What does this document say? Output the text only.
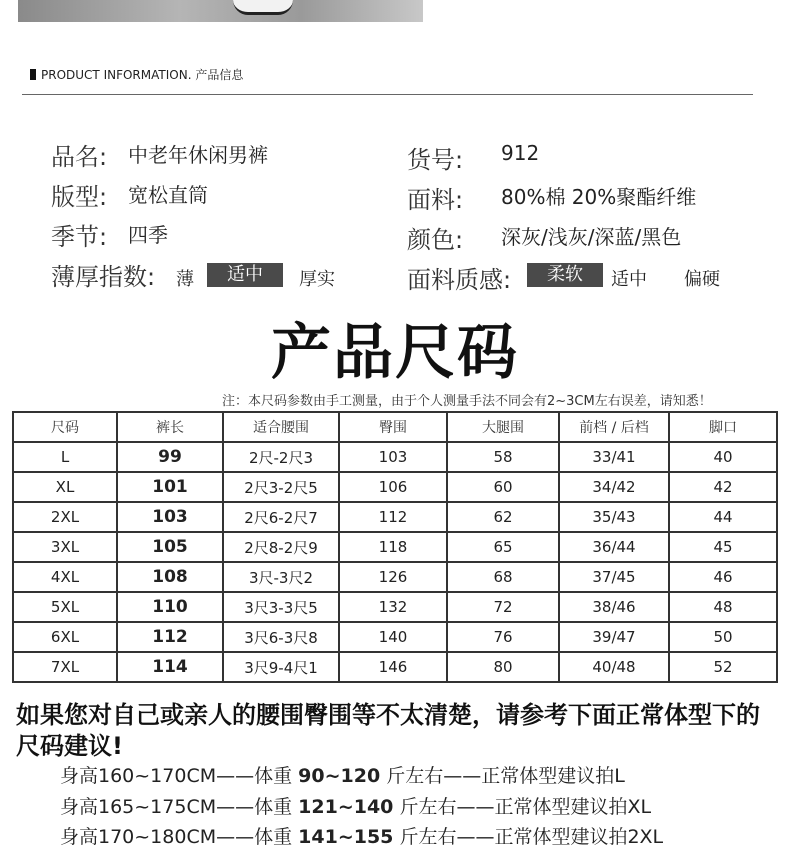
PRODUCT INFORMATION. 产品信息
品名: 中老年休闲男裤
版型: 宽松直筒
季节: 四季
薄厚指数: 薄	适中	厚实
货号: 912
面料: 80%棉 20%聚酯纤维
颜色: 深灰/浅灰/深蓝/黑色
面料质感:	柔软	适中 偏硬
产品尺码
注：本尺码参数由手工测量，由于个人测量手法不同会有2~3CM左右误差，请知悉！
尺码	裤长	适合腰围	臀围	大腿围	前档 / 后档	脚口
L	99	2尺-2尺3	103	58	33/41	40
XL	101	2尺3-2尺5	106	60	34/42	42
2XL	103	2尺6-2尺7	112	62	35/43	44
3XL	105	2尺8-2尺9	118	65	36/44	45
4XL	108	3尺-3尺2	126	68	37/45	46
5XL	110	3尺3-3尺5	132	72	38/46	48
6XL	112	3尺6-3尺8	140	76	39/47	50
7XL	114	3尺9-4尺1	146	80	40/48	52
如果您对自己或亲人的腰围臀围等不太清楚，请参考下面正常体型下的尺码建议!
身高160~170CM——体重 90~120 斤左右——正常体型建议拍L
身高165~175CM——体重 121~140 斤左右——正常体型建议拍XL
身高170~180CM——体重 141~155 斤左右——正常体型建议拍2XL
